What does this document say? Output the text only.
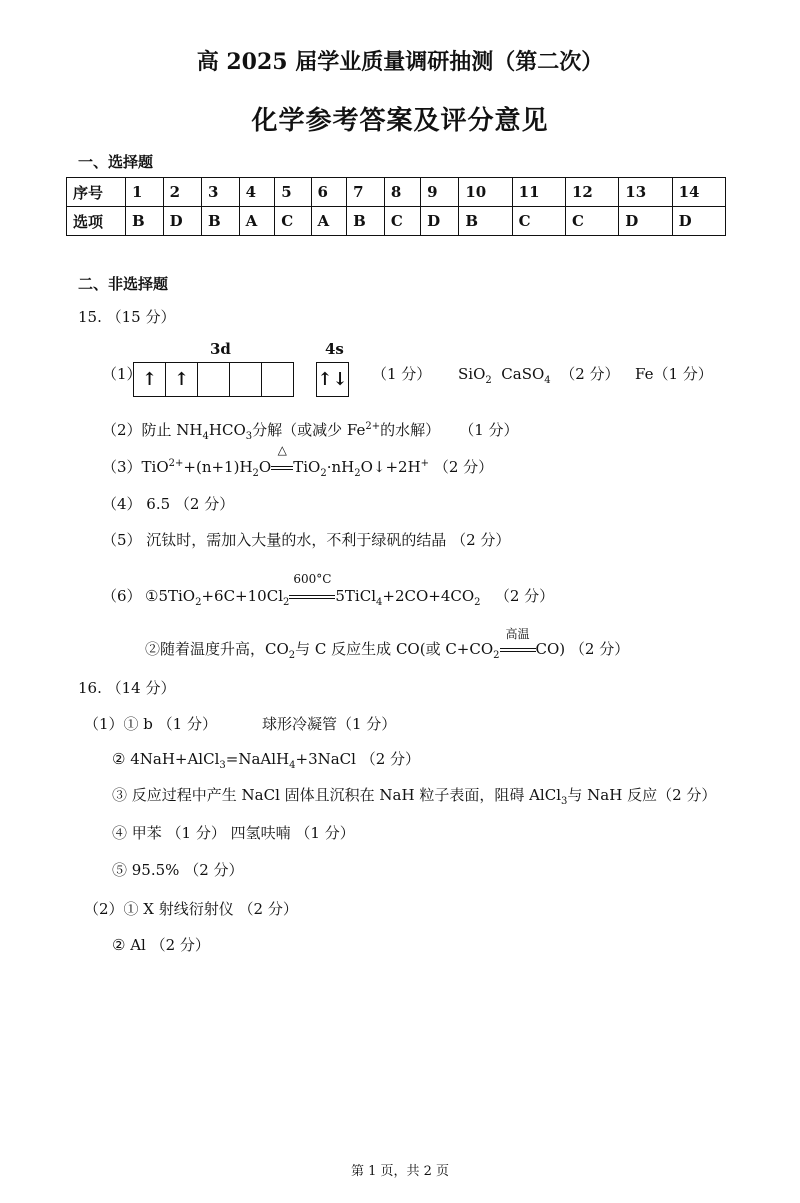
高 2025 届学业质量调研抽测（第二次）
化学参考答案及评分意见
一、选择题
序号	1	2	3	4	5	6	7	8	9	10	11	12	13	14
选项	B	D	B	A	C	A	B	C	D	B	C	C	D	D
二、非选择题
15. （15 分）
（1）
3d	4s
↑ ↑	↑↓ （1 分） SiO$_2$ CaSO$_4$ （2 分） Fe（1 分）
（2）防止 $NH_4HCO_3$分解（或减少 $Fe^{2+}$的水解） （1 分）
$(3)TiO^{2+}+(n+1)H_2O$
△
$TiO_2\cdot nH_2O↓+2H^+$ （2 分）
（4） 6.5 （2 分）
（5） 沉钛时，需加入大量的水，不利于绿矾的结晶 （2 分）
（6） $①5TiO_2+6C+10Cl_2$
600°C
$5TiCl_4+2CO+4CO_2$ （2 分）
②随着温度升高，$CO_2$与 C 反应生成 CO(或 $C+CO_2$
高温
CO) （2 分）
16. （14 分）
（1）① b （1 分）	球形冷凝管（1 分）
② 4NaH+AlCl$_3$=NaAlH$_4$+3NaCl （2 分）
③ 反应过程中产生 NaCl 固体且沉积在 NaH 粒子表面，阻碍 AlCl$_3$与 NaH 反应（2 分）
④ 甲苯 （1 分） 四氢呋喃 （1 分）
⑤ 95.5% （2 分）
（2）① X 射线衍射仪 （2 分）
② Al （2 分）
第 1 页，共 2 页
